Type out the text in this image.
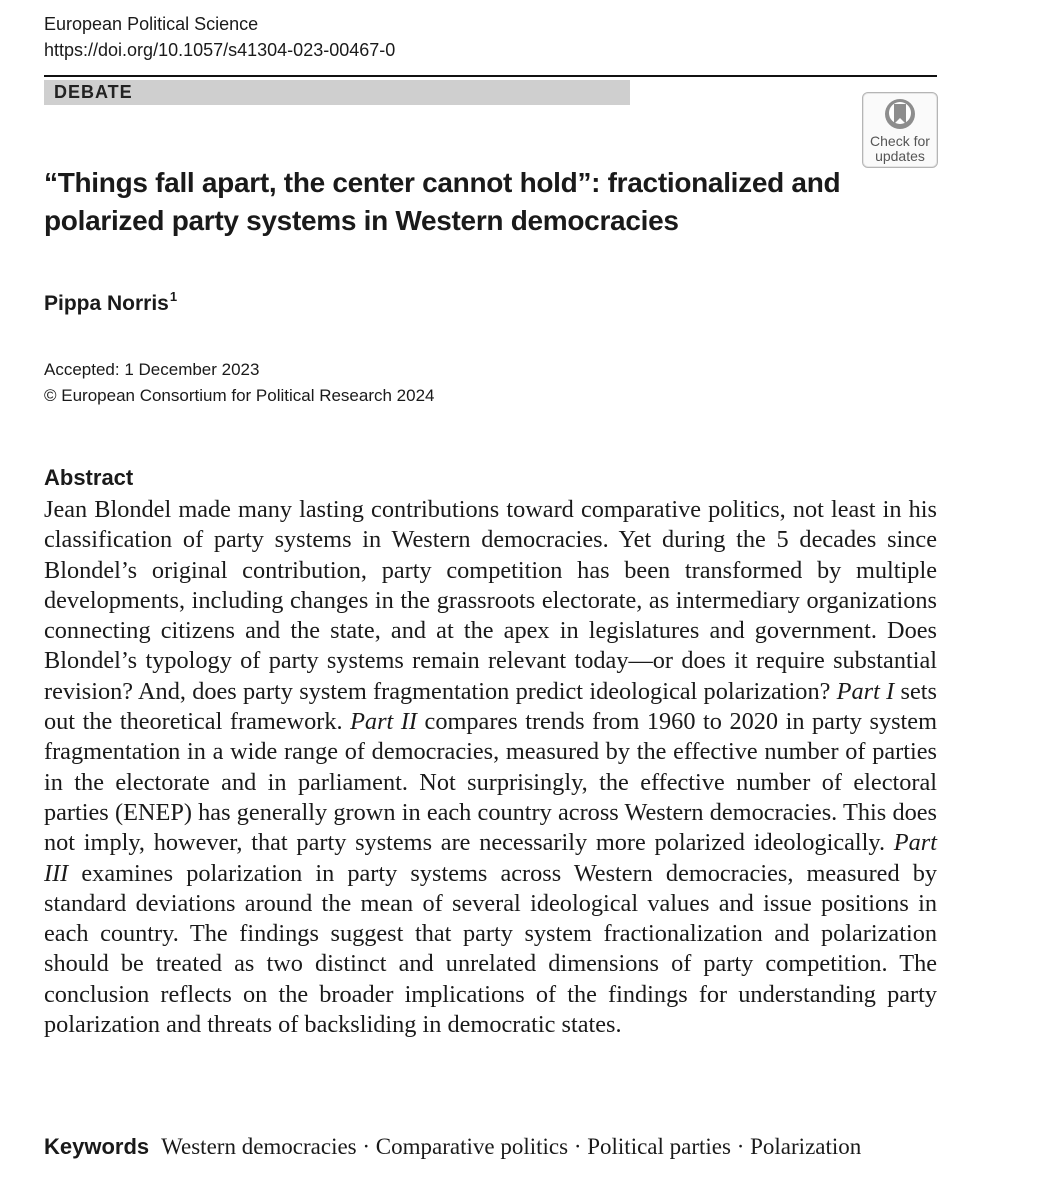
European Political Science
https://doi.org/10.1057/s41304-023-00467-0
DEBATE
Check for
updates
“Things fall apart, the center cannot hold”: fractionalized and polarized party systems in Western democracies
Pippa Norris$^1$
Accepted: 1 December 2023
© European Consortium for Political Research 2024
Abstract

Jean Blondel made many lasting contributions toward comparative politics, not least in his classification of party systems in Western democracies. Yet during the 5 decades since Blondel’s original contribution, party competition has been transformed by multiple developments, including changes in the grassroots electorate, as intermediary organizations connecting citizens and the state, and at the apex in legislatures and government. Does Blondel’s typology of party systems remain relevant today—or does it require substantial revision? And, does party system fragmentation predict ideological polarization? Part I sets out the theoretical framework. Part II compares trends from 1960 to 2020 in party system fragmentation in a wide range of democracies, measured by the effective number of parties in the electorate and in parliament. Not surprisingly, the effective number of electoral parties (ENEP) has generally grown in each country across Western democracies. This does not imply, however, that party systems are necessarily more polarized ideologically. Part III examines polarization in party systems across Western democracies, measured by standard deviations around the mean of several ideological values and issue positions in each country. The findings suggest that party system fractionalization and polarization should be treated as two distinct and unrelated dimensions of party competition. The conclusion reflects on the broader implications of the findings for understanding party polarization and threats of backsliding in democratic states.

Keywords Western democracies · Comparative politics · Political parties · Polarization
